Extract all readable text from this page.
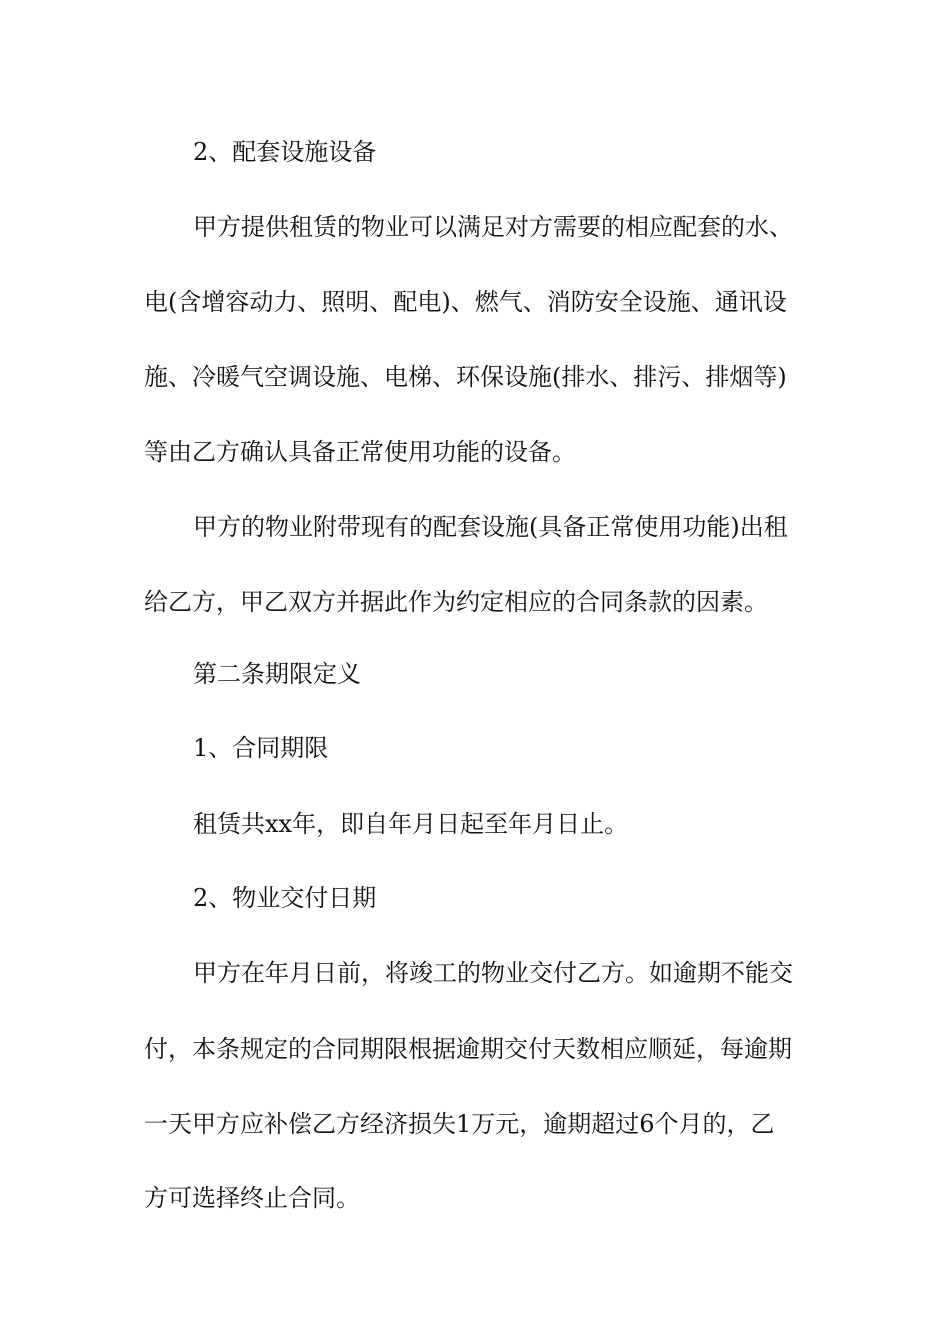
2、配套设施设备
甲方提供租赁的物业可以满足对方需要的相应配套的水、
电(含增容动力、照明、配电)、燃气、消防安全设施、通讯设
施、冷暖气空调设施、电梯、环保设施(排水、排污、排烟等)
等由乙方确认具备正常使用功能的设备。
甲方的物业附带现有的配套设施(具备正常使用功能)出租
给乙方，甲乙双方并据此作为约定相应的合同条款的因素。
第二条期限定义
1、合同期限
租赁共xx年，即自年月日起至年月日止。
2、物业交付日期
甲方在年月日前，将竣工的物业交付乙方。如逾期不能交
付，本条规定的合同期限根据逾期交付天数相应顺延，每逾期
一天甲方应补偿乙方经济损失1万元，逾期超过6个月的，乙
方可选择终止合同。
